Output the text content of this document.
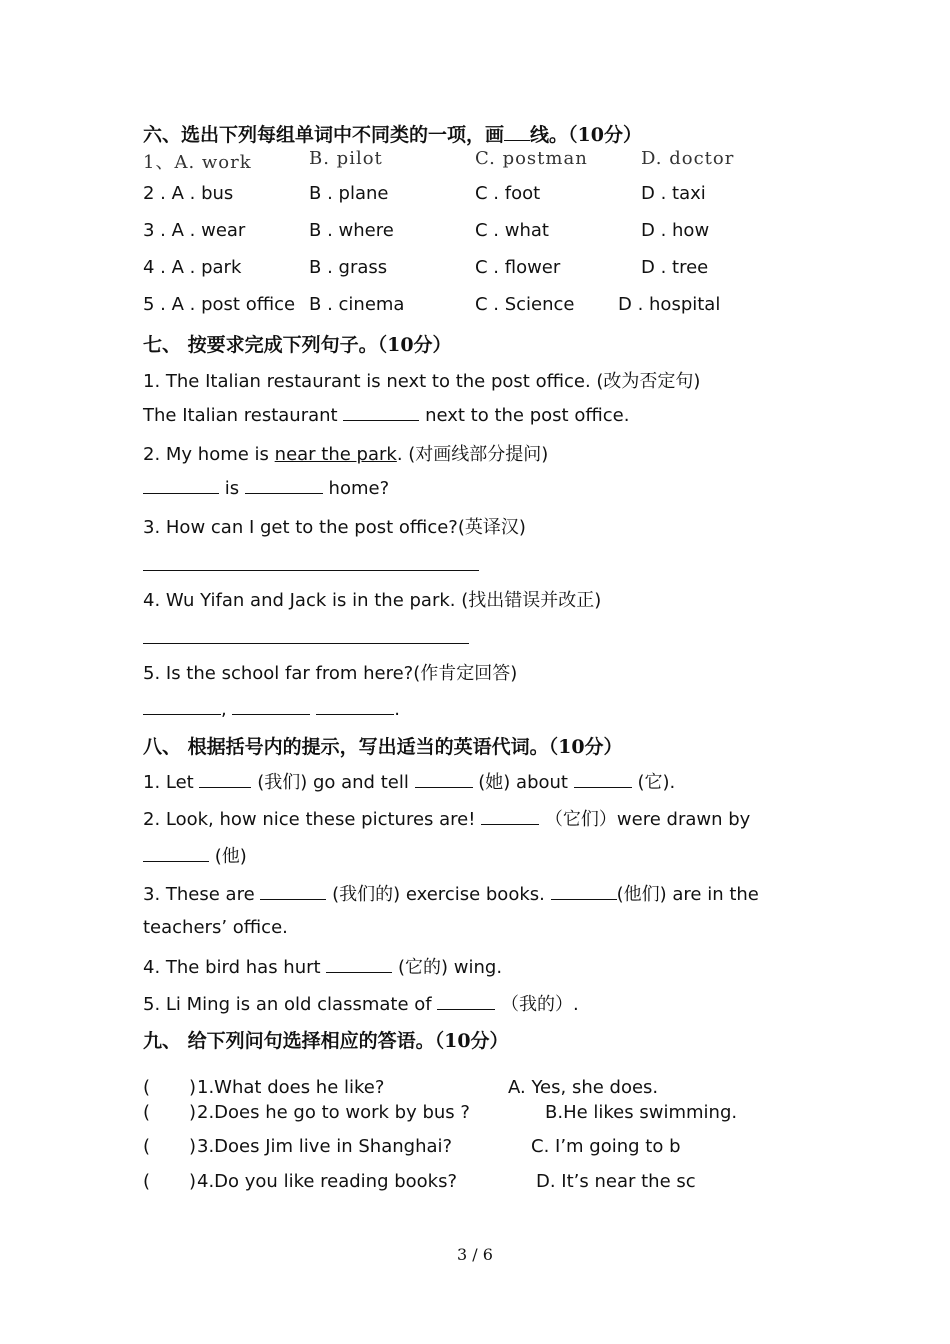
六、选出下列每组单词中不同类的一项，画 线。（10分）
1、A. work	B. pilot	C. postman	D. doctor
2 . A . bus	B . plane	C . foot	D . taxi
3 . A . wear	B . where	C . what	D . how
4 . A . park	B . grass	C . flower	D . tree
5 . A . post office B . cinema	C . Science D . hospital
七、 按要求完成下列句子。（10分）
1. The Italian restaurant is next to the post office. (改为否定句)
The Italian restaurant	next to the post office.
2. My home is near the park. (对画线部分提问)
is	home?
3. How can I get to the post office?(英译汉)
4. Wu Yifan and Jack is in the park. (找出错误并改正)
5. Is the school far from here?(作肯定回答)
,	.
八、 根据括号内的提示，写出适当的英语代词。（10分）
1. Let	(我们) go and tell	(她) about	(它).
2. Look, how nice these pictures are!	（它们）were drawn by
(他)
3. These are	(我们的) exercise books.	(他们) are in the
teachers’ office.
4. The bird has hurt	(它的) wing.
5. Li Ming is an old classmate of	（我的）.
九、 给下列问句选择相应的答语。（10分）
( ) 1.What does he like?	A. Yes, she does.
( ) 2.Does he go to work by bus ?	B.He likes swimming.
( ) 3.Does Jim live in Shanghai?	C. I’m going to b
( ) 4.Do you like reading books?	D. It’s near the sc
3 / 6
